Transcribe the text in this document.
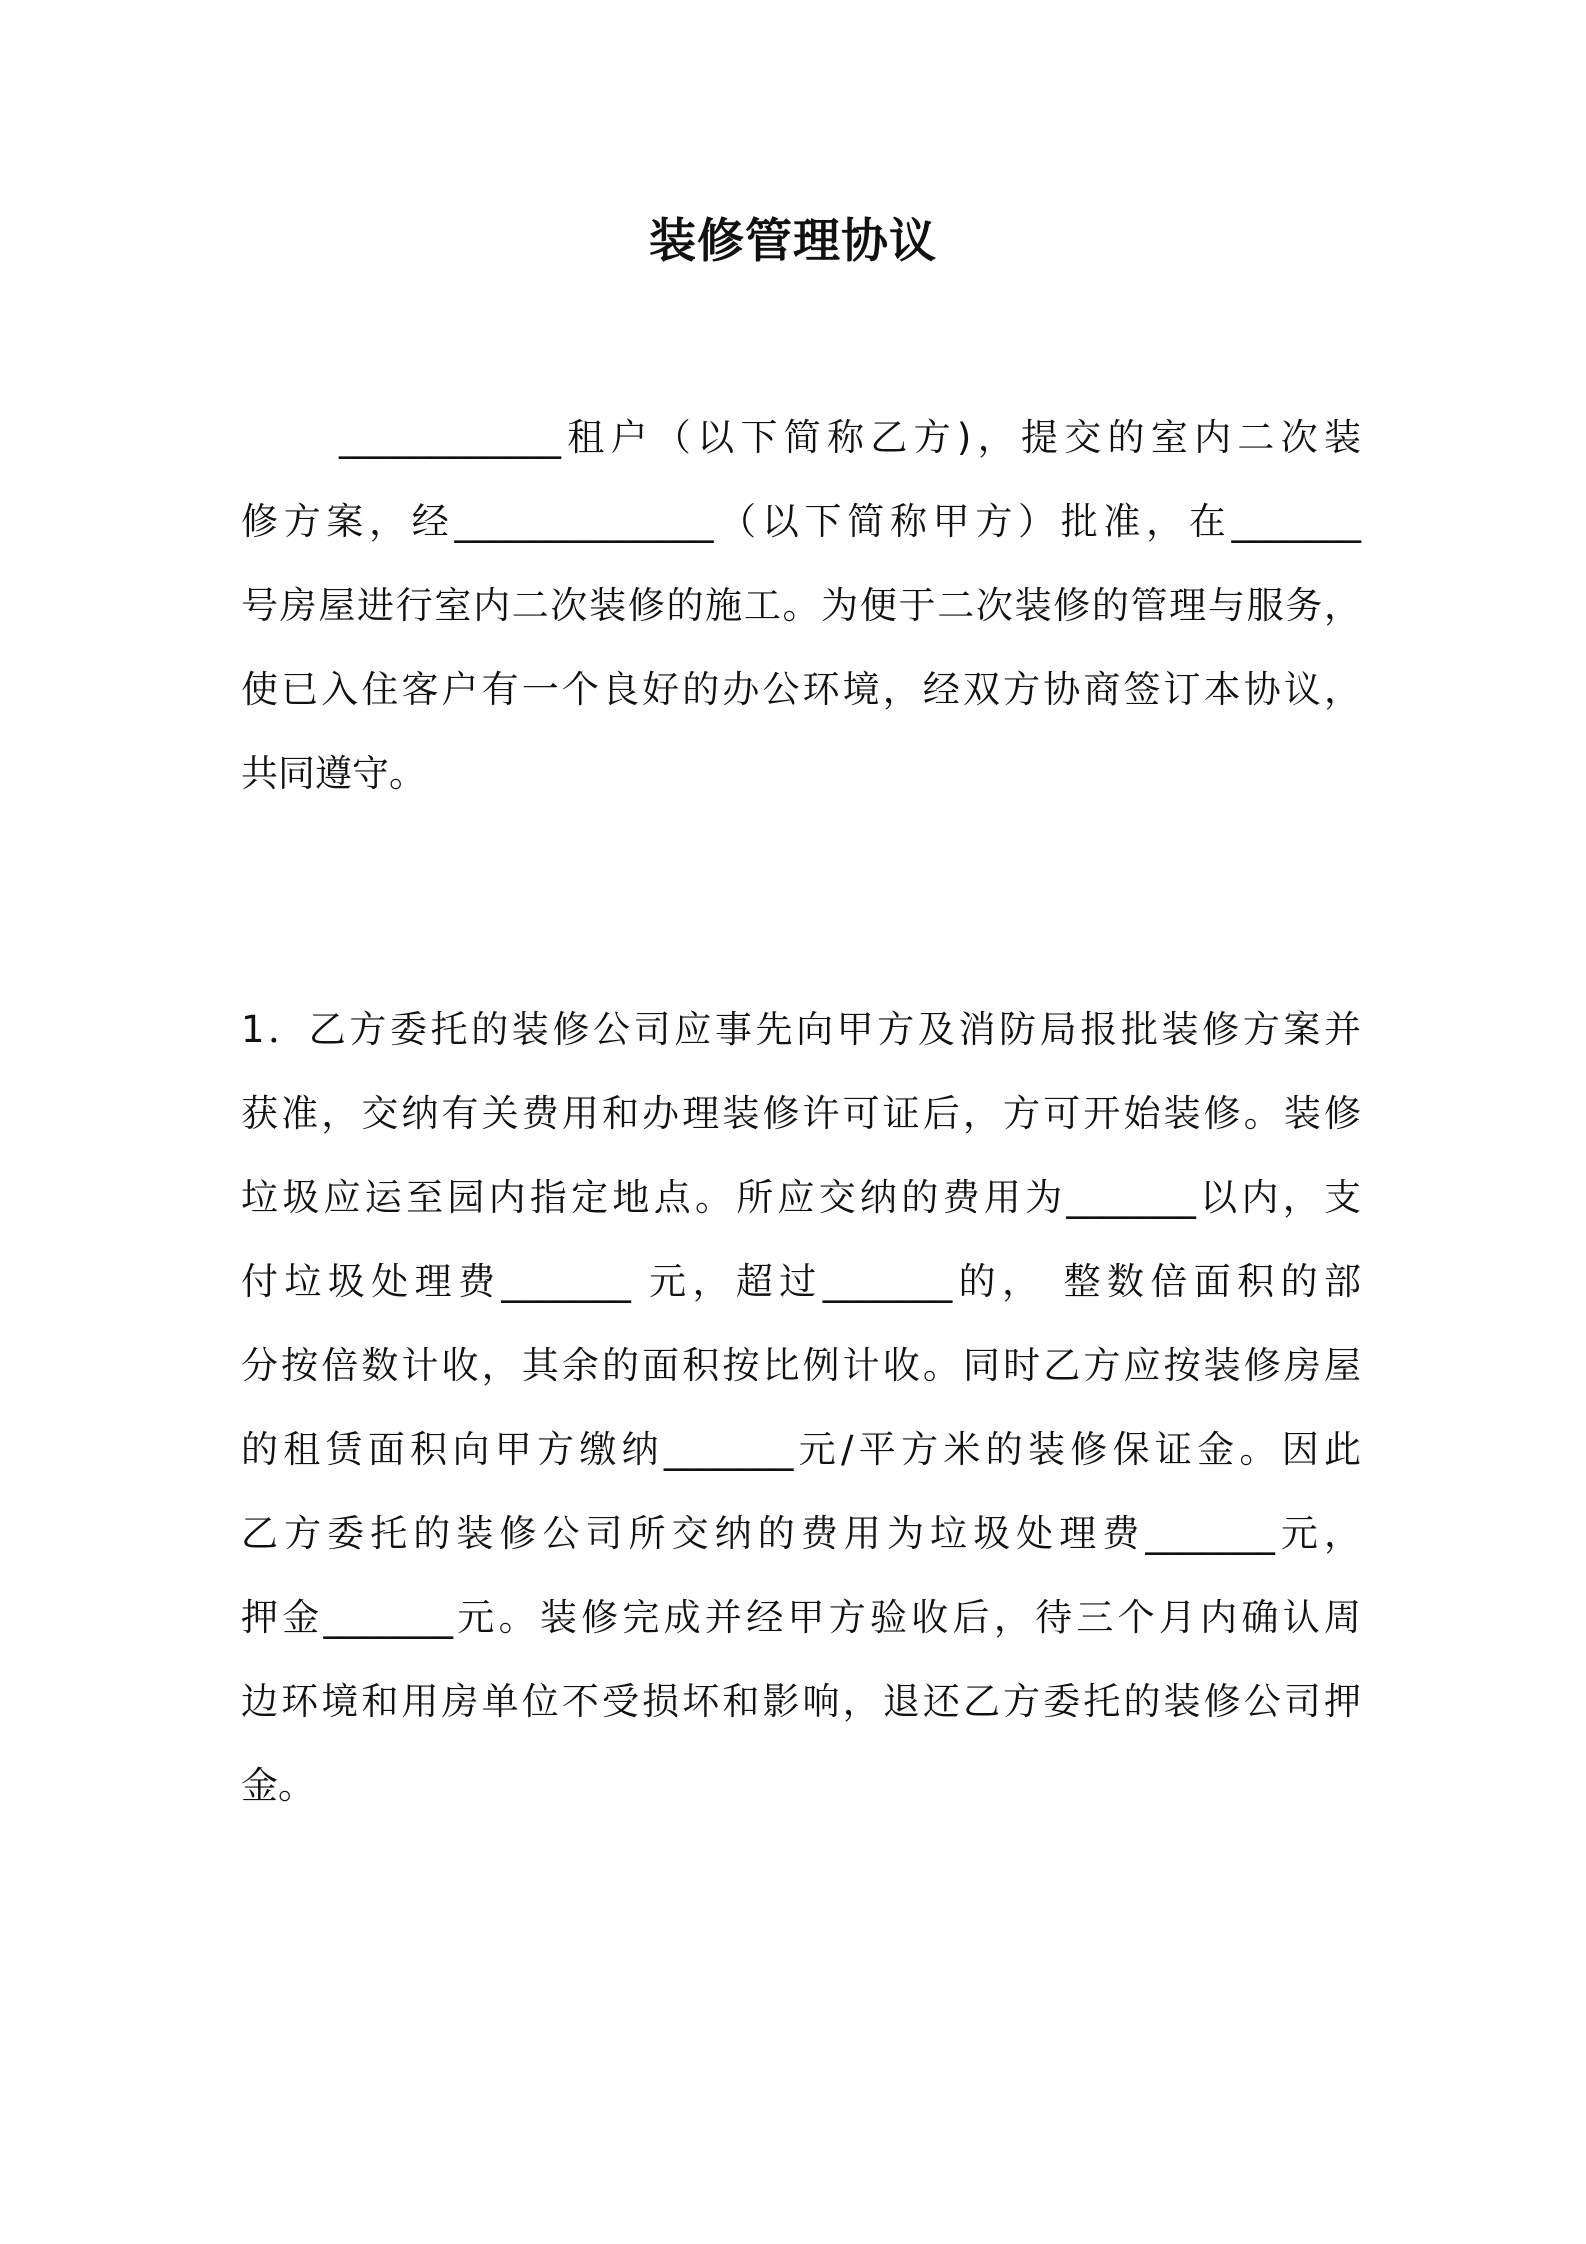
装修管理协议
____________租户（以下简称乙方)，提交的室内二次装
修方案，经______________（以下简称甲方）批准，在_______
号房屋进行室内二次装修的施工。为便于二次装修的管理与服务，
使已入住客户有一个良好的办公环境，经双方协商签订本协议，
共同遵守。
1．乙方委托的装修公司应事先向甲方及消防局报批装修方案并
获准，交纳有关费用和办理装修许可证后，方可开始装修。装修
垃圾应运至园内指定地点。所应交纳的费用为_______以内，支
付垃圾处理费_______ 元，超过_______的， 整数倍面积的部
分按倍数计收，其余的面积按比例计收。同时乙方应按装修房屋
的租赁面积向甲方缴纳_______元/平方米的装修保证金。因此
乙方委托的装修公司所交纳的费用为垃圾处理费_______元，
押金_______元。装修完成并经甲方验收后，待三个月内确认周
边环境和用房单位不受损坏和影响，退还乙方委托的装修公司押
金。
